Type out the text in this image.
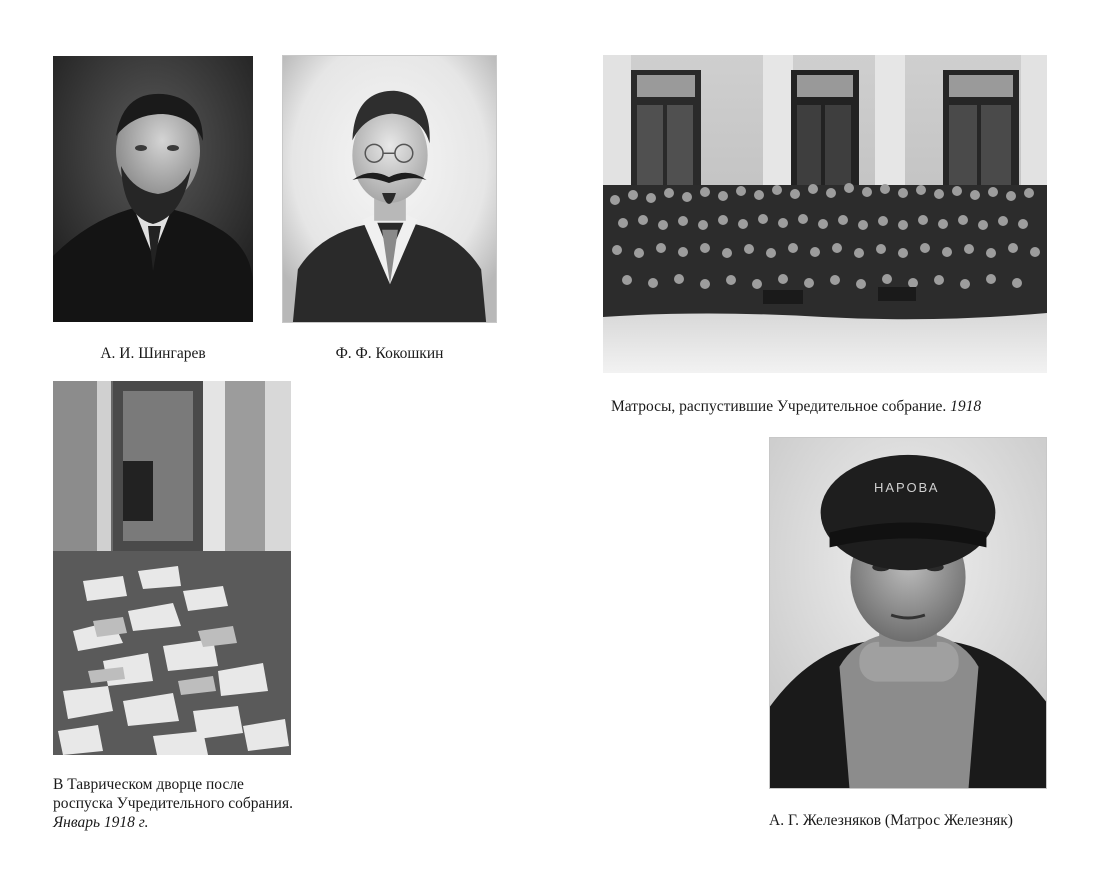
НАРОВА
А. И. Шингарев	Ф. Ф. Кокошкин
Матросы, распустившие Учредительное собрание. 1918
В Таврическом дворце после
роспуска Учредительного собрания.
Январь 1918 г.	А. Г. Железняков (Матрос Железняк)
